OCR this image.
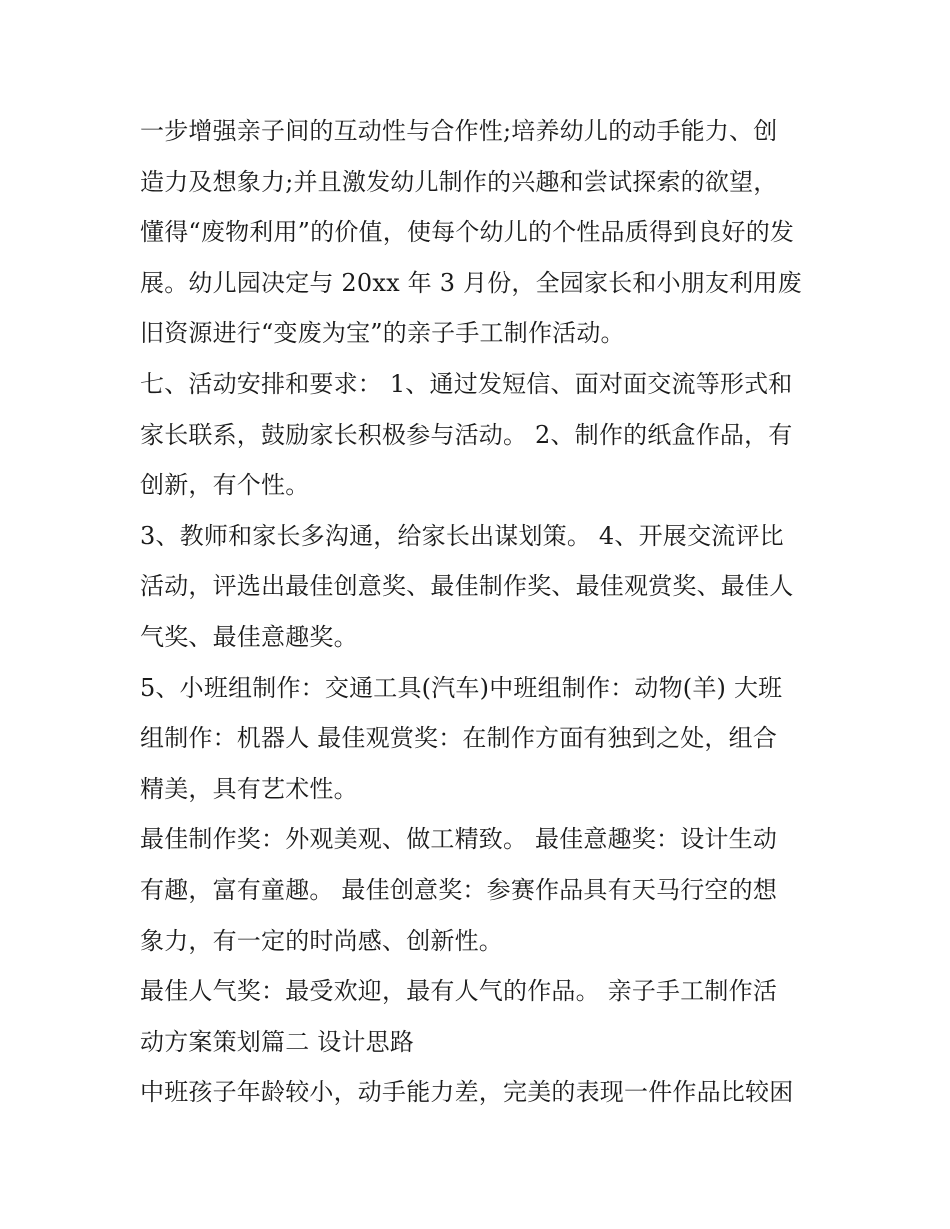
一步增强亲子间的互动性与合作性;培养幼儿的动手能力、创
造力及想象力;并且激发幼儿制作的兴趣和尝试探索的欲望，
懂得“废物利用”的价值，使每个幼儿的个性品质得到良好的发
展。幼儿园决定与 20xx 年 3 月份，全园家长和小朋友利用废
旧资源进行“变废为宝”的亲子手工制作活动。
七、活动安排和要求： 1、通过发短信、面对面交流等形式和
家长联系，鼓励家长积极参与活动。 2、制作的纸盒作品，有
创新，有个性。
3、教师和家长多沟通，给家长出谋划策。 4、开展交流评比
活动，评选出最佳创意奖、最佳制作奖、最佳观赏奖、最佳人
气奖、最佳意趣奖。
5、小班组制作：交通工具(汽车)中班组制作：动物(羊) 大班
组制作：机器人 最佳观赏奖：在制作方面有独到之处，组合
精美，具有艺术性。
最佳制作奖：外观美观、做工精致。 最佳意趣奖：设计生动
有趣，富有童趣。 最佳创意奖：参赛作品具有天马行空的想
象力，有一定的时尚感、创新性。
最佳人气奖：最受欢迎，最有人气的作品。 亲子手工制作活
动方案策划篇二 设计思路
中班孩子年龄较小，动手能力差，完美的表现一件作品比较困
